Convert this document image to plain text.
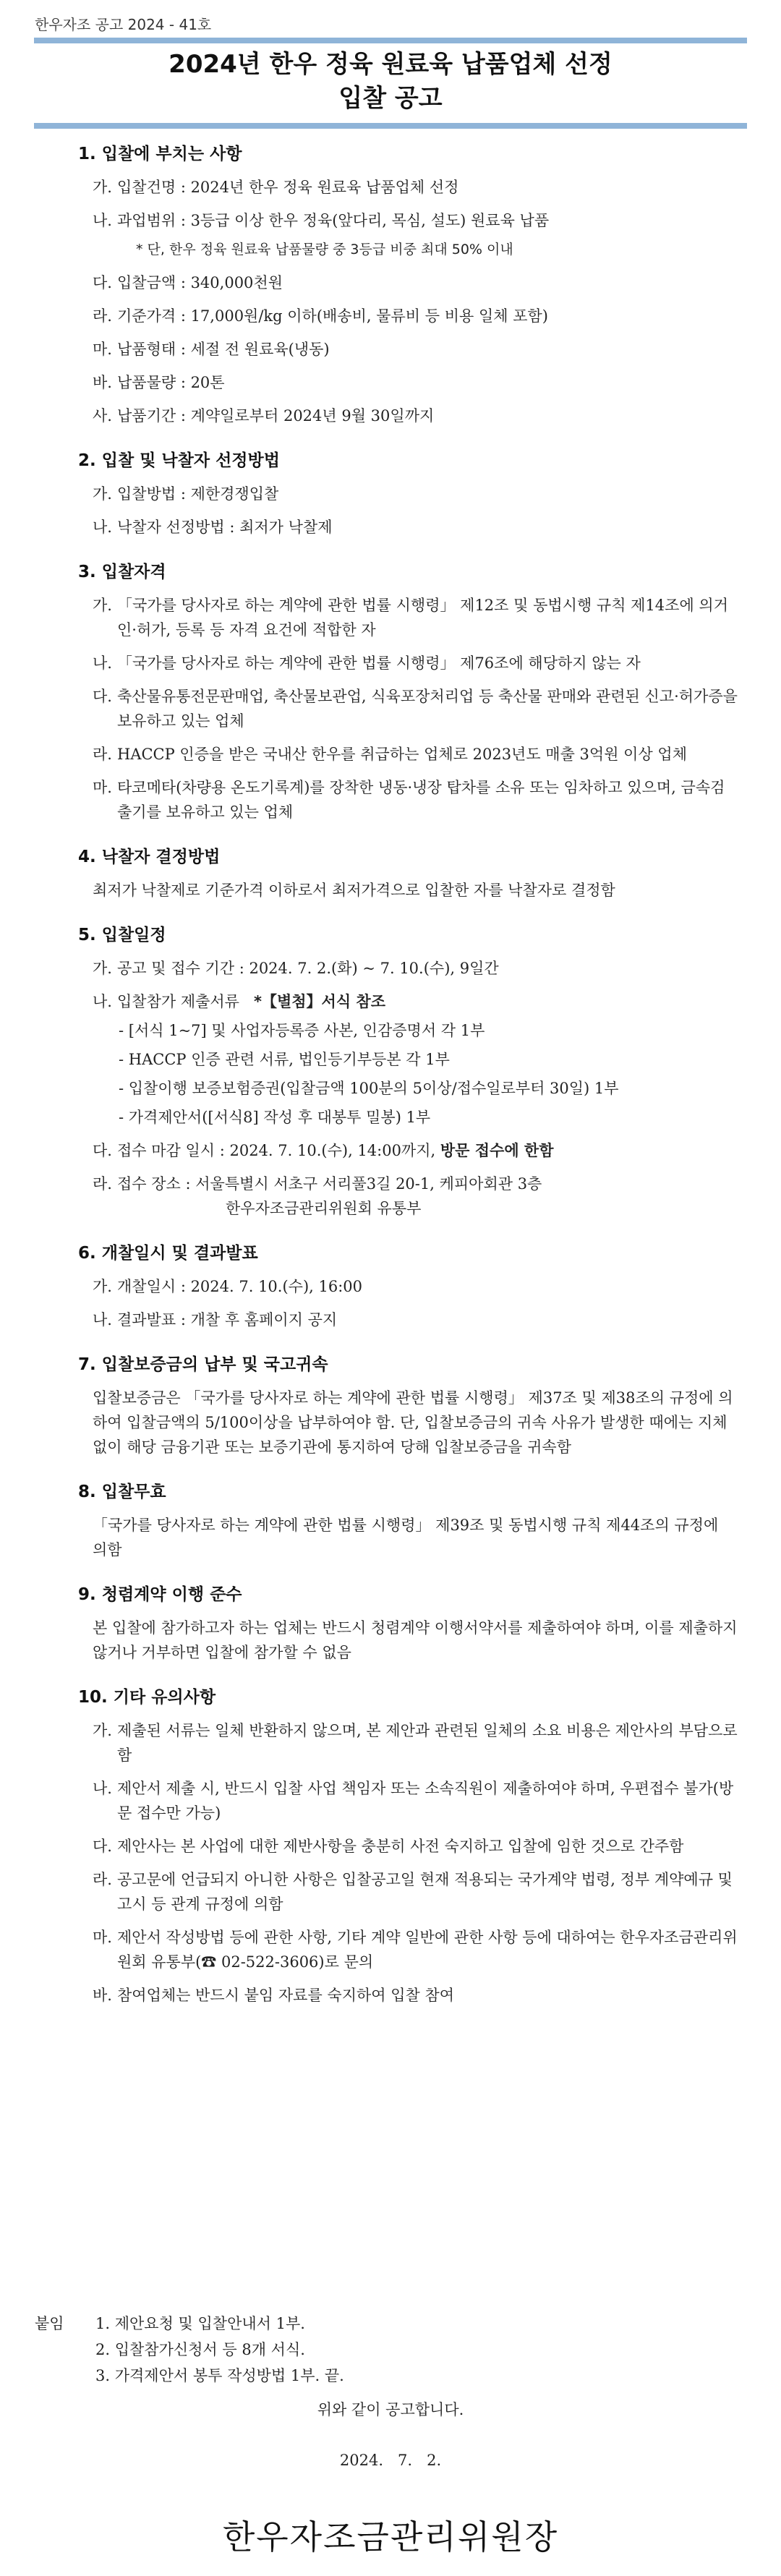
한우자조 공고 2024 - 41호
2024년 한우 정육 원료육 납품업체 선정
입찰 공고
1. 입찰에 부치는 사항
가. 입찰건명 : 2024년 한우 정육 원료육 납품업체 선정
나. 과업범위 : 3등급 이상 한우 정육(앞다리, 목심, 설도) 원료육 납품
* 단, 한우 정육 원료육 납품물량 중 3등급 비중 최대 50% 이내
다. 입찰금액 : 340,000천원
라. 기준가격 : 17,000원/kg 이하(배송비, 물류비 등 비용 일체 포함)
마. 납품형태 : 세절 전 원료육(냉동)
바. 납품물량 : 20톤
사. 납품기간 : 계약일로부터 2024년 9월 30일까지
2. 입찰 및 낙찰자 선정방법
가. 입찰방법 : 제한경쟁입찰
나. 낙찰자 선정방법 : 최저가 낙찰제
3. 입찰자격
가. 「국가를 당사자로 하는 계약에 관한 법률 시행령」 제12조 및 동법시행 규칙 제14조에 의거 인·허가, 등록 등 자격 요건에 적합한 자
나. 「국가를 당사자로 하는 계약에 관한 법률 시행령」 제76조에 해당하지 않는 자
다. 축산물유통전문판매업, 축산물보관업, 식육포장처리업 등 축산물 판매와 관련된 신고·허가증을 보유하고 있는 업체
라. HACCP 인증을 받은 국내산 한우를 취급하는 업체로 2023년도 매출 3억원 이상 업체
마. 타코메타(차량용 온도기록계)를 장착한 냉동·냉장 탑차를 소유 또는 임차하고 있으며, 금속검출기를 보유하고 있는 업체
4. 낙찰자 결정방법
최저가 낙찰제로 기준가격 이하로서 최저가격으로 입찰한 자를 낙찰자로 결정함
5. 입찰일정
가. 공고 및 접수 기간 : 2024. 7. 2.(화) ~ 7. 10.(수), 9일간
나. 입찰참가 제출서류 *【별첨】서식 참조
- [서식 1~7] 및 사업자등록증 사본, 인감증명서 각 1부
- HACCP 인증 관련 서류, 법인등기부등본 각 1부
- 입찰이행 보증보험증권(입찰금액 100분의 5이상/접수일로부터 30일) 1부
- 가격제안서([서식8] 작성 후 대봉투 밀봉) 1부
다. 접수 마감 일시 : 2024. 7. 10.(수), 14:00까지, 방문 접수에 한함
라. 접수 장소 : 서울특별시 서초구 서리풀3길 20-1, 케피아회관 3층
한우자조금관리위원회 유통부
6. 개찰일시 및 결과발표
가. 개찰일시 : 2024. 7. 10.(수), 16:00
나. 결과발표 : 개찰 후 홈페이지 공지
7. 입찰보증금의 납부 및 국고귀속
입찰보증금은 「국가를 당사자로 하는 계약에 관한 법률 시행령」 제37조 및 제38조의 규정에 의하여 입찰금액의 5/100이상을 납부하여야 함. 단, 입찰보증금의 귀속 사유가 발생한 때에는 지체없이 해당 금융기관 또는 보증기관에 통지하여 당해 입찰보증금을 귀속함
8. 입찰무효
「국가를 당사자로 하는 계약에 관한 법률 시행령」 제39조 및 동법시행 규칙 제44조의 규정에 의함
9. 청렴계약 이행 준수
본 입찰에 참가하고자 하는 업체는 반드시 청렴계약 이행서약서를 제출하여야 하며, 이를 제출하지 않거나 거부하면 입찰에 참가할 수 없음
10. 기타 유의사항
가. 제출된 서류는 일체 반환하지 않으며, 본 제안과 관련된 일체의 소요 비용은 제안사의 부담으로 함
나. 제안서 제출 시, 반드시 입찰 사업 책임자 또는 소속직원이 제출하여야 하며, 우편접수 불가(방문 접수만 가능)
다. 제안사는 본 사업에 대한 제반사항을 충분히 사전 숙지하고 입찰에 임한 것으로 간주함
라. 공고문에 언급되지 아니한 사항은 입찰공고일 현재 적용되는 국가계약 법령, 정부 계약예규 및 고시 등 관계 규정에 의함
마. 제안서 작성방법 등에 관한 사항, 기타 계약 일반에 관한 사항 등에 대하여는 한우자조금관리위원회 유통부(☎ 02-522-3606)로 문의
바. 참여업체는 반드시 붙임 자료를 숙지하여 입찰 참여
붙임	1. 제안요청 및 입찰안내서 1부.
2. 입찰참가신청서 등 8개 서식.
3. 가격제안서 봉투 작성방법 1부. 끝.
위와 같이 공고합니다.
2024.   7.   2.
한우자조금관리위원장
